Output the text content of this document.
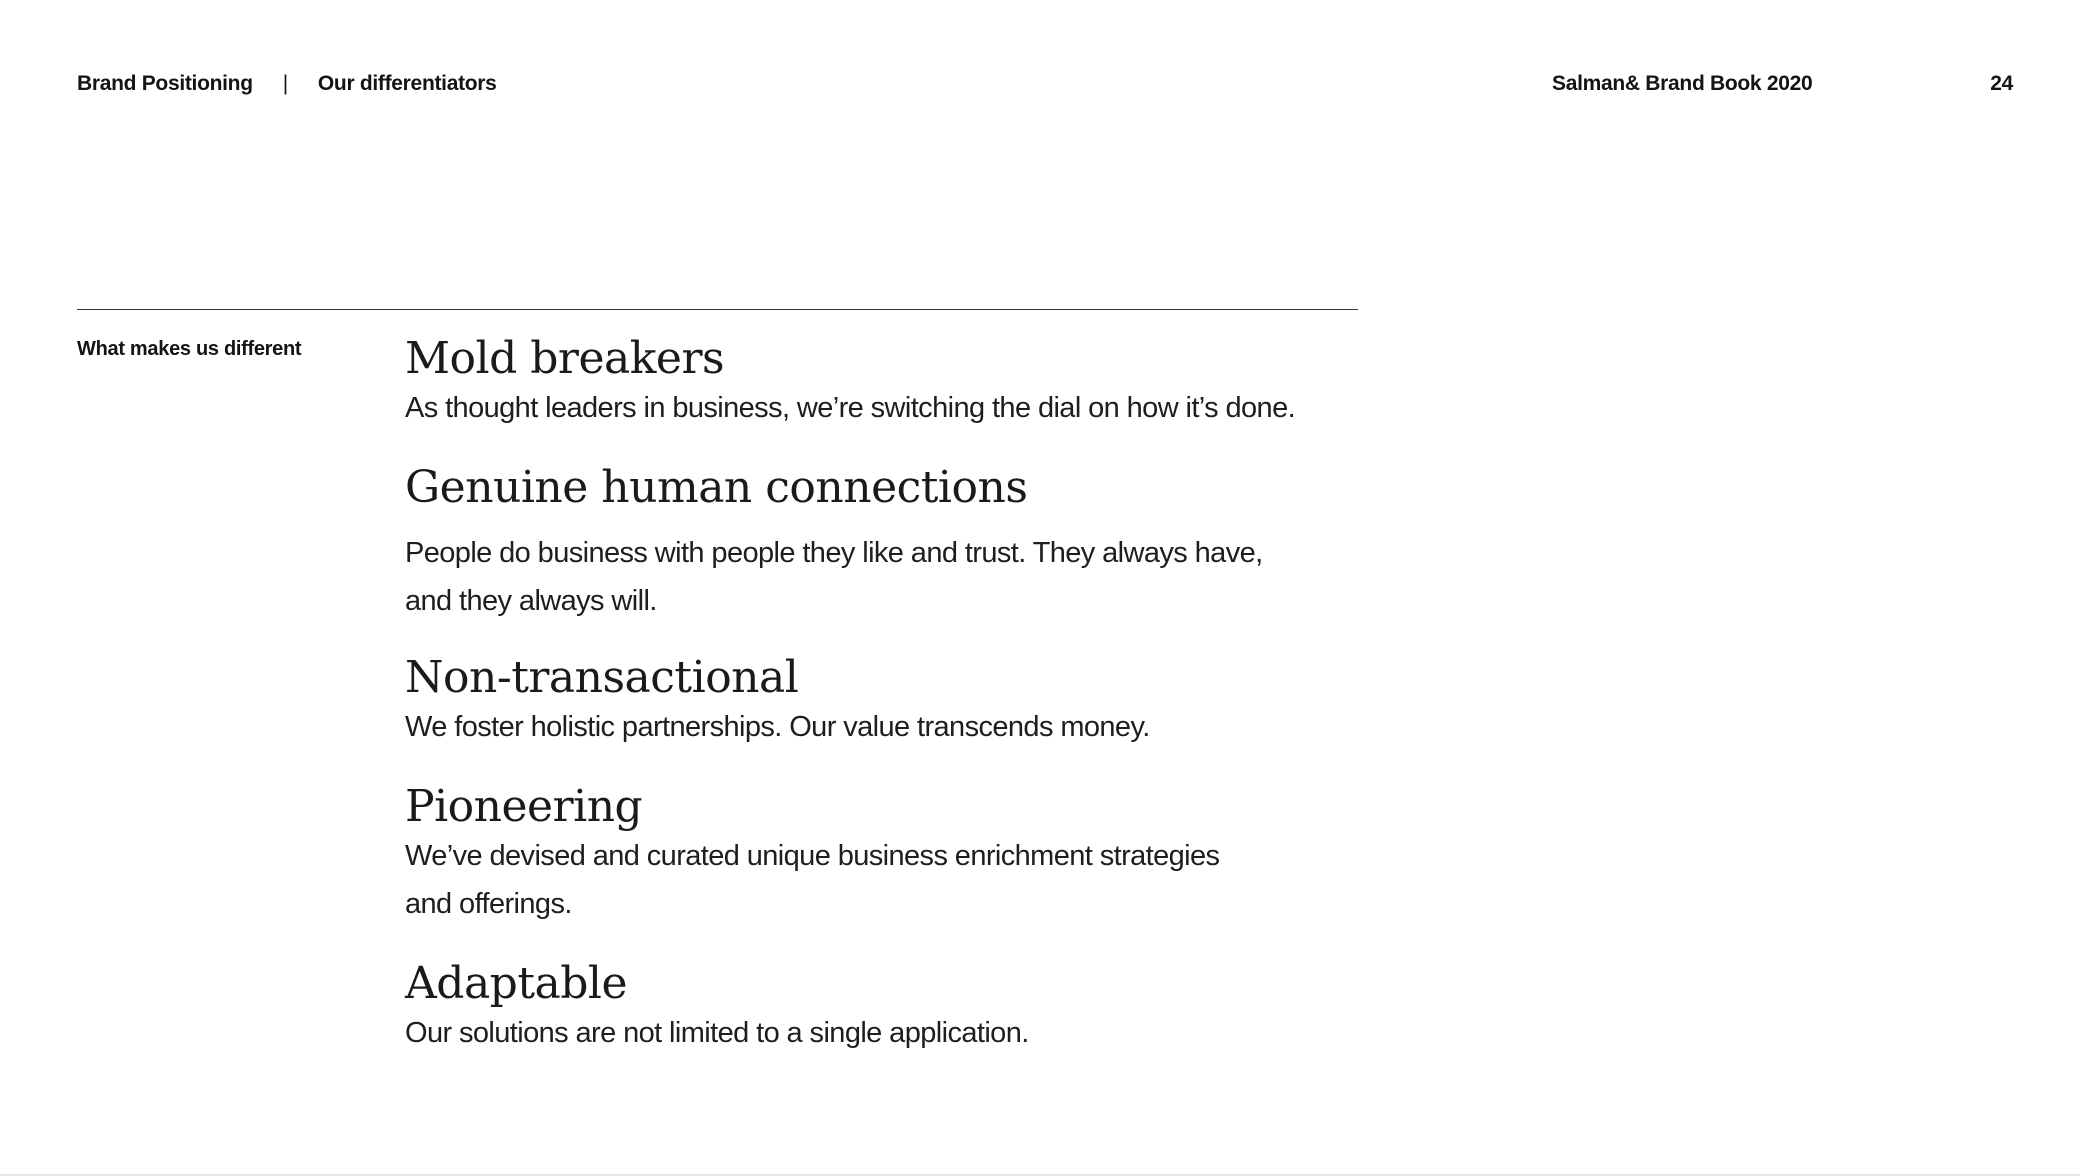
Brand Positioning | Our differentiators	Salman& Brand Book 2020	24
What makes us different Mold breakers
As thought leaders in business, we’re switching the dial on how it’s done.
Genuine human connections
People do business with people they like and trust. They always have, and they always will.
Non-transactional
We foster holistic partnerships. Our value transcends money.
Pioneering
We’ve devised and curated unique business enrichment strategies and offerings.
Adaptable
Our solutions are not limited to a single application.
